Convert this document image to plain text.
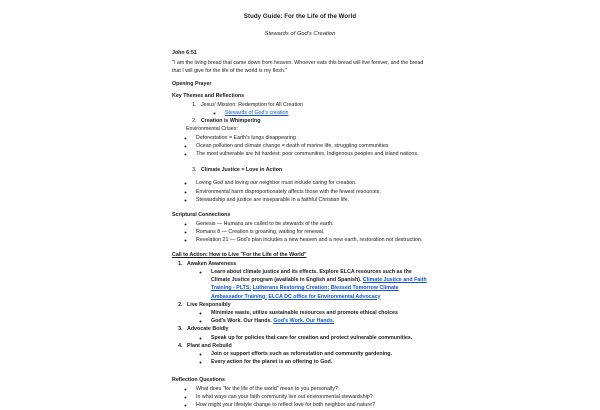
Study Guide: For the Life of the World
Stewards of God's Creation
John 6:51
"I am the living bread that came down from heaven. Whoever eats this bread will live forever, and the bread that I will give for the life of the world is my flesh."
Opening Prayer
Key Themes and Reflections
1. Jesus' Mission: Redemption for All Creation
◦ Stewards of God's creation
2. Creation is Whimpering
Environmental Crises:
◦ Deforestation = Earth's lungs disappearing
◦ Ocean pollution and climate change = death of marine life, struggling communities
◦ The most vulnerable are hit hardest: poor communities, Indigenous peoples and island nations.
3. Climate Justice = Love in Action
◦ Loving God and loving our neighbor must include caring for creation.
◦ Environmental harm disproportionately affects those with the fewest resources.
◦ Stewardship and justice are inseparable in a faithful Christian life.
Scriptural Connections
◦ Genesis — Humans are called to be stewards of the earth.
◦ Romans 8 — Creation is groaning, waiting for renewal.
◦ Revelation 21 — God's plan includes a new heaven and a new earth, restoration not destruction.
Call to Action: How to Live "For the Life of the World"
1. Awaken Awareness
◦ Learn about climate justice and its effects. Explore ELCA resources such as the Climate Justice program (available in English and Spanish). Climate Justice and Faith Training - PLTS; Lutherans Restoring Creation; Blessed Tomorrow Climate Ambassador Training; ELCA DC office for Environmental Advocacy
2. Live Responsibly
◦ Minimize waste, utilize sustainable resources and promote ethical choices
◦ God's Work. Our Hands. God's Work. Our Hands.
3. Advocate Boldly
◦ Speak up for policies that care for creation and protect vulnerable communities.
4. Plant and Rebuild
◦ Join or support efforts such as reforestation and community gardening.
◦ Every action for the planet is an offering to God.
Reflection Questions
◦ What does "for the life of the world" mean to you personally?
◦ In what ways can your faith community live out environmental stewardship?
◦ How might your lifestyle change to reflect love for both neighbor and nature?
